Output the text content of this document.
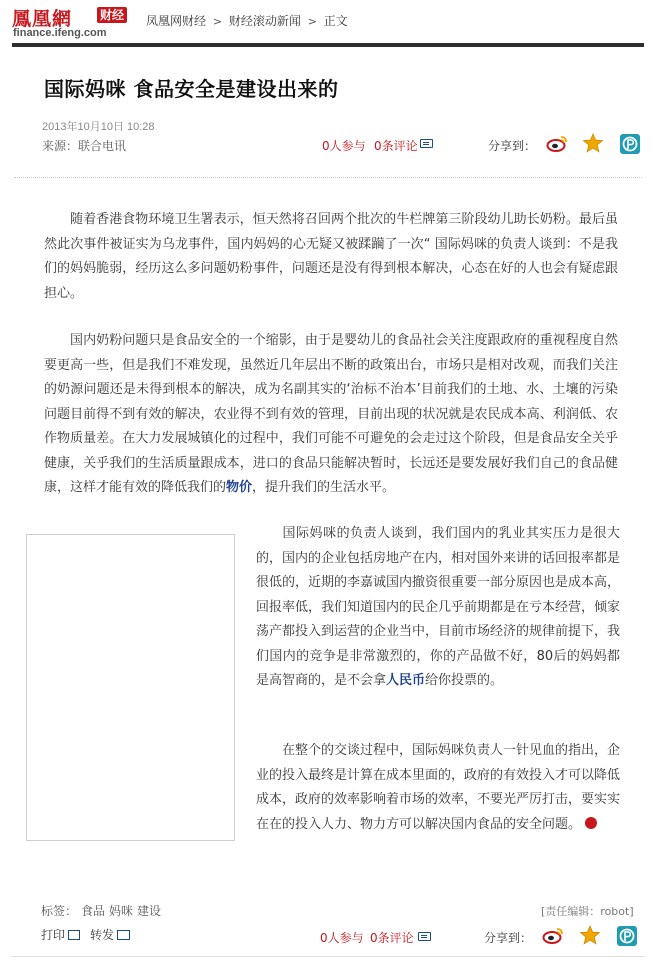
鳳凰網 财经
finance.ifeng.com
凤凰网财经 > 财经滚动新闻 > 正文
国际妈咪 食品安全是建设出来的
2013年10月10日 10:28
来源：联合电讯	0人参与 0条评论	分享到：
随着香港食物环境卫生署表示，恒天然将召回两个批次的牛栏牌第三阶段幼儿助长奶粉。最后虽然此次事件被证实为乌龙事件，国内妈妈的心无疑又被蹂躏了一次“ 国际妈咪的负责人谈到：不是我们的妈妈脆弱，经历这么多问题奶粉事件，问题还是没有得到根本解决，心态在好的人也会有疑虑跟担心。
国内奶粉问题只是食品安全的一个缩影，由于是婴幼儿的食品社会关注度跟政府的重视程度自然要更高一些，但是我们不难发现，虽然近几年层出不断的政策出台，市场只是相对改观，而我们关注的奶源问题还是未得到根本的解决，成为名副其实的‘治标不治本’目前我们的土地、水、土壤的污染问题目前得不到有效的解决，农业得不到有效的管理，目前出现的状况就是农民成本高、利润低、农作物质量差。在大力发展城镇化的过程中，我们可能不可避免的会走过这个阶段，但是食品安全关乎健康，关乎我们的生活质量跟成本，进口的食品只能解决暂时，长远还是要发展好我们自己的食品健康，这样才能有效的降低我们的物价，提升我们的生活水平。
国际妈咪的负责人谈到，我们国内的乳业其实压力是很大的，国内的企业包括房地产在内，相对国外来讲的话回报率都是很低的，近期的李嘉诚国内撤资很重要一部分原因也是成本高，回报率低，我们知道国内的民企几乎前期都是在亏本经营，倾家荡产都投入到运营的企业当中，目前市场经济的规律前提下，我们国内的竞争是非常激烈的，你的产品做不好，80后的妈妈都是高智商的，是不会拿人民币给你投票的。
在整个的交谈过程中，国际妈咪负责人一针见血的指出，企业的投入最终是计算在成本里面的，政府的有效投入才可以降低成本，政府的效率影响着市场的效率，不要光严厉打击，要实实在在的投入人力、物力方可以解决国内食品的安全问题。
标签： 食品 妈咪 建设	[责任编辑：robot]
打印 转发	0人参与 0条评论	分享到：
